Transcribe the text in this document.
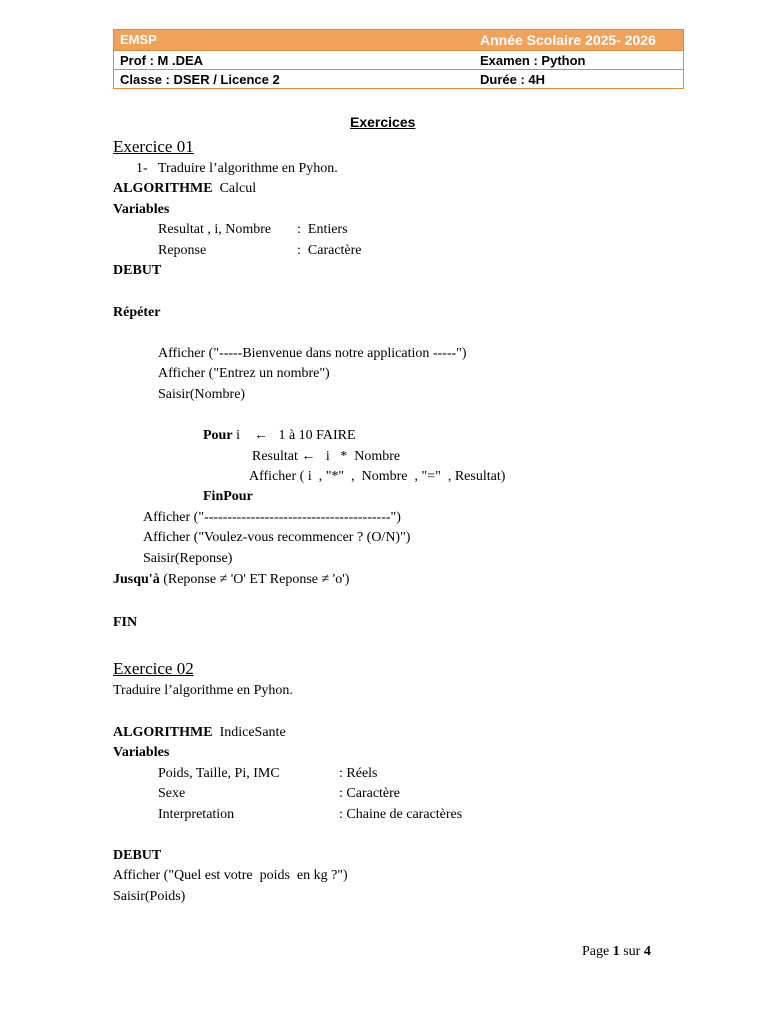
EMSP	Année Scolaire 2025- 2026
Prof : M .DEA	Examen : Python
Classe : DSER / Licence 2	Durée : 4H
Exercices
Exercice 01
1-   Traduire l’algorithme en Pyhon.
ALGORITHME Calcul
Variables
Resultat , i, Nombre :  Entiers
Reponse	:  Caractère
DEBUT
Répéter
Afficher ("-----Bienvenue dans notre application -----")
Afficher ("Entrez un nombre")
Saisir(Nombre)
Pour i    ←   1 à 10 FAIRE
Resultat ←   i   *  Nombre
Afficher ( i  , "*"  ,  Nombre  , "="  , Resultat)
FinPour
Afficher ("----------------------------------------")
Afficher ("Voulez-vous recommencer ? (O/N)")
Saisir(Reponse)
Jusqu'à (Reponse ≠ 'O' ET Reponse ≠ 'o')
FIN
Exercice 02
Traduire l’algorithme en Pyhon.
ALGORITHME IndiceSante
Variables
Poids, Taille, Pi, IMC	: Réels
Sexe	: Caractère
Interpretation	: Chaine de caractères
DEBUT
Afficher ("Quel est votre  poids  en kg ?")
Saisir(Poids)
Page 1 sur 4
